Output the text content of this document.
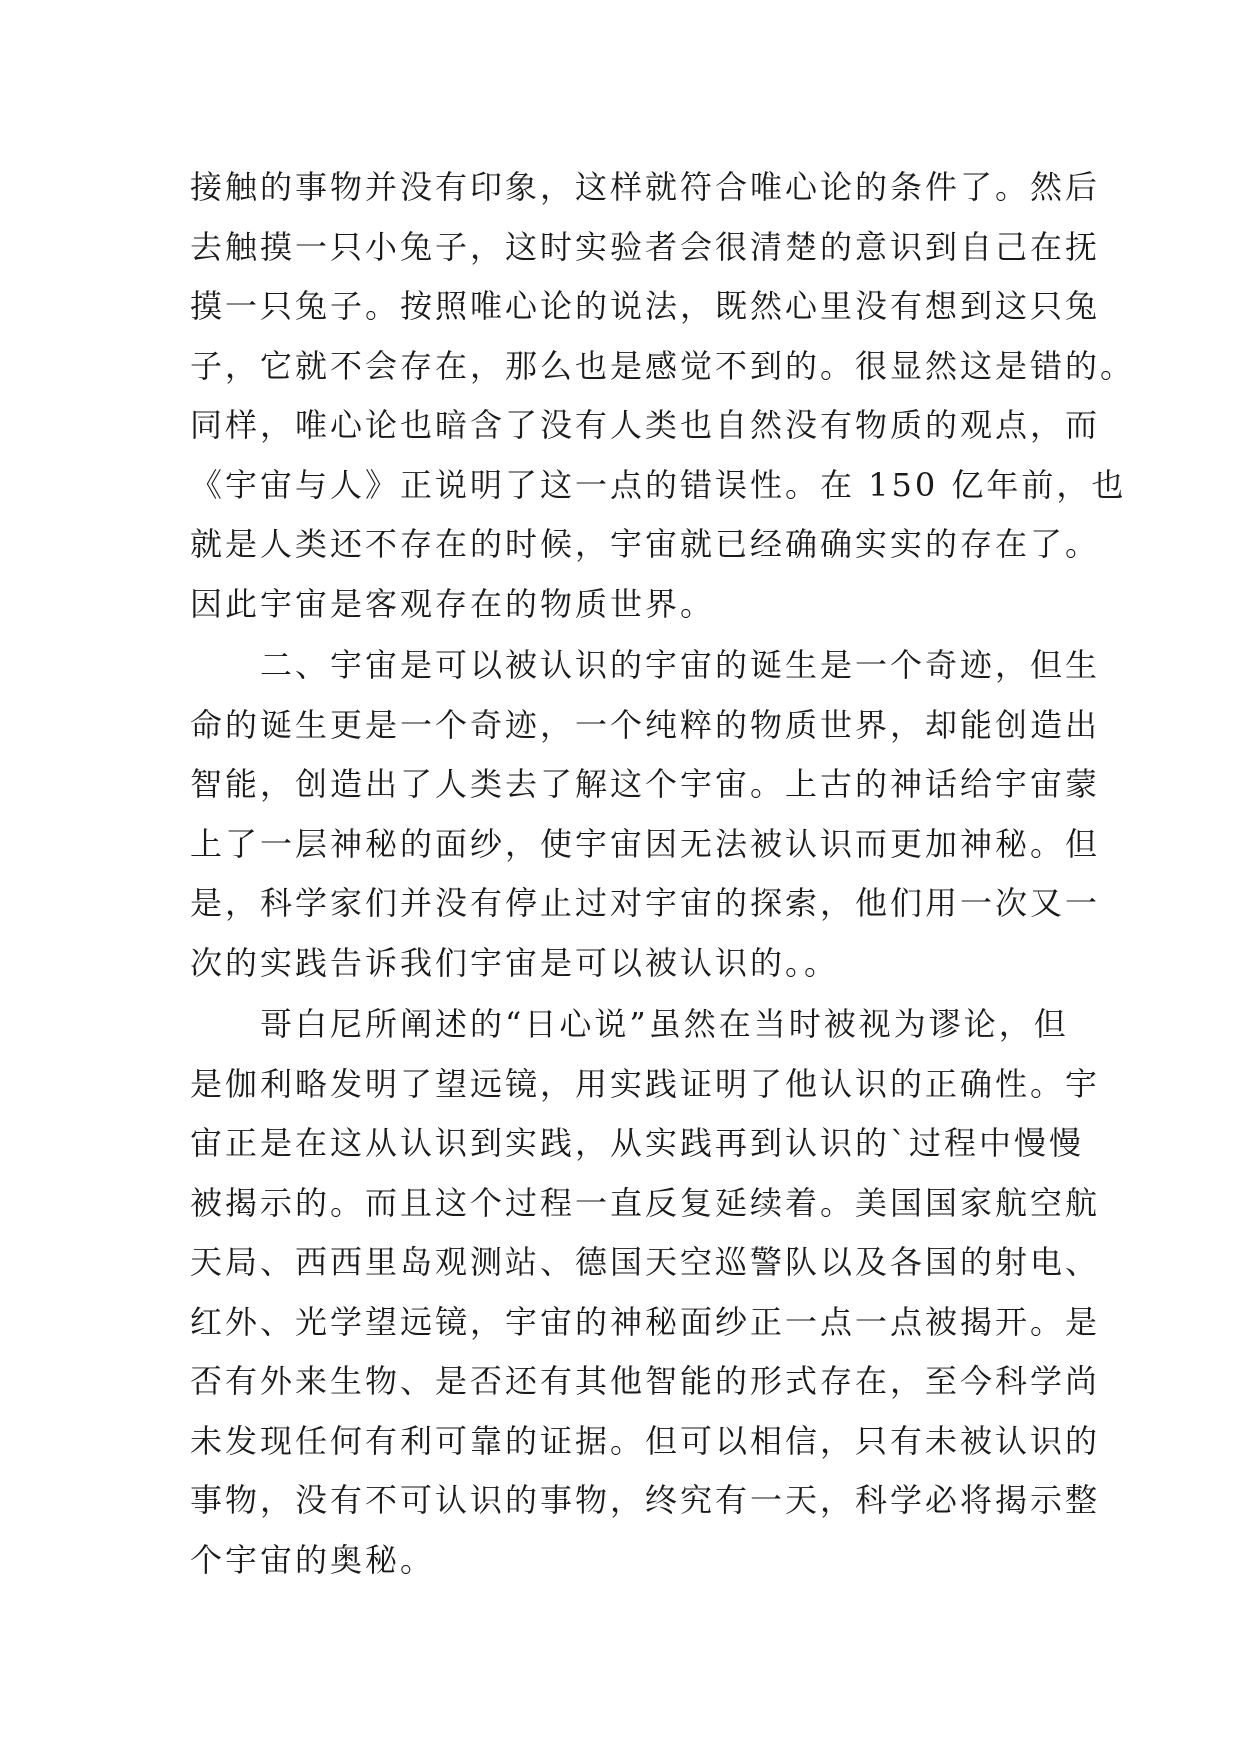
接触的事物并没有印象，这样就符合唯心论的条件了。然后
去触摸一只小兔子，这时实验者会很清楚的意识到自己在抚
摸一只兔子。按照唯心论的说法，既然心里没有想到这只兔
子，它就不会存在，那么也是感觉不到的。很显然这是错的。
同样，唯心论也暗含了没有人类也自然没有物质的观点，而
《宇宙与人》正说明了这一点的错误性。在 150 亿年前，也
就是人类还不存在的时候，宇宙就已经确确实实的存在了。
因此宇宙是客观存在的物质世界。
　　二、宇宙是可以被认识的宇宙的诞生是一个奇迹，但生
命的诞生更是一个奇迹，一个纯粹的物质世界，却能创造出
智能，创造出了人类去了解这个宇宙。上古的神话给宇宙蒙
上了一层神秘的面纱，使宇宙因无法被认识而更加神秘。但
是，科学家们并没有停止过对宇宙的探索，他们用一次又一
次的实践告诉我们宇宙是可以被认识的。。
　　哥白尼所阐述的“日心说”虽然在当时被视为谬论，但
是伽利略发明了望远镜，用实践证明了他认识的正确性。宇
宙正是在这从认识到实践，从实践再到认识的`过程中慢慢
被揭示的。而且这个过程一直反复延续着。美国国家航空航
天局、西西里岛观测站、德国天空巡警队以及各国的射电、
红外、光学望远镜，宇宙的神秘面纱正一点一点被揭开。是
否有外来生物、是否还有其他智能的形式存在，至今科学尚
未发现任何有利可靠的证据。但可以相信，只有未被认识的
事物，没有不可认识的事物，终究有一天，科学必将揭示整
个宇宙的奥秘。
